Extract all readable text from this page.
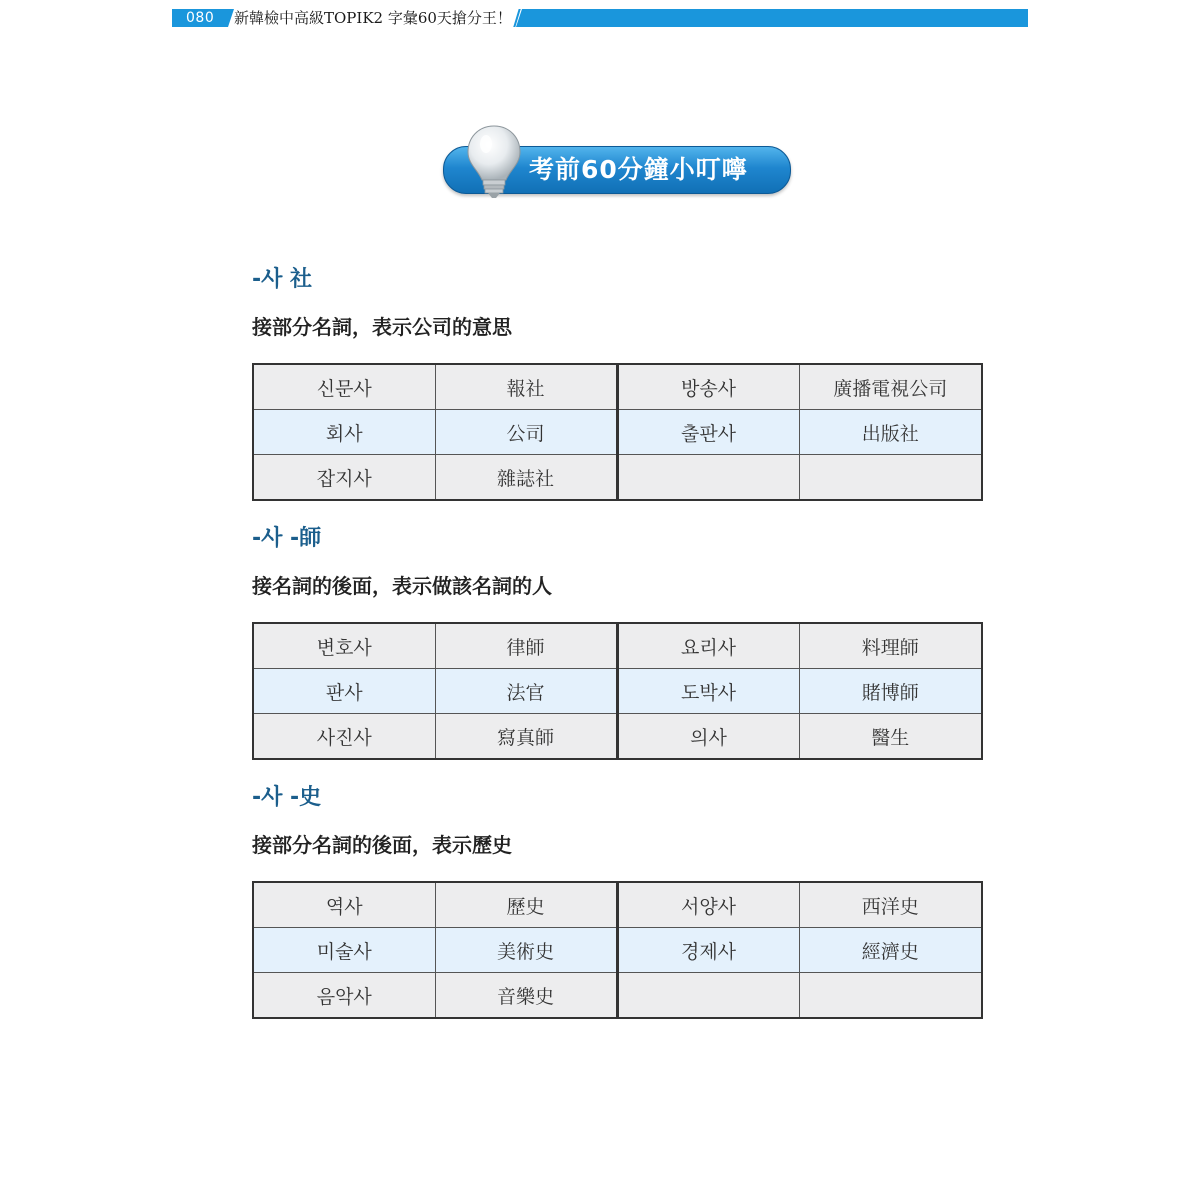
080 新韓檢中高級TOPIK2 字彙60天搶分王！
考前60分鐘小叮嚀
-사 社
接部分名詞，表示公司的意思
신문사	報社	방송사	廣播電視公司
회사	公司	출판사	出版社
잡지사	雜誌社		
-사 -師
接名詞的後面，表示做該名詞的人
변호사	律師	요리사	料理師
판사	法官	도박사	賭博師
사진사	寫真師	의사	醫生
-사 -史
接部分名詞的後面，表示歷史
역사	歷史	서양사	西洋史
미술사	美術史	경제사	經濟史
음악사	音樂史		
